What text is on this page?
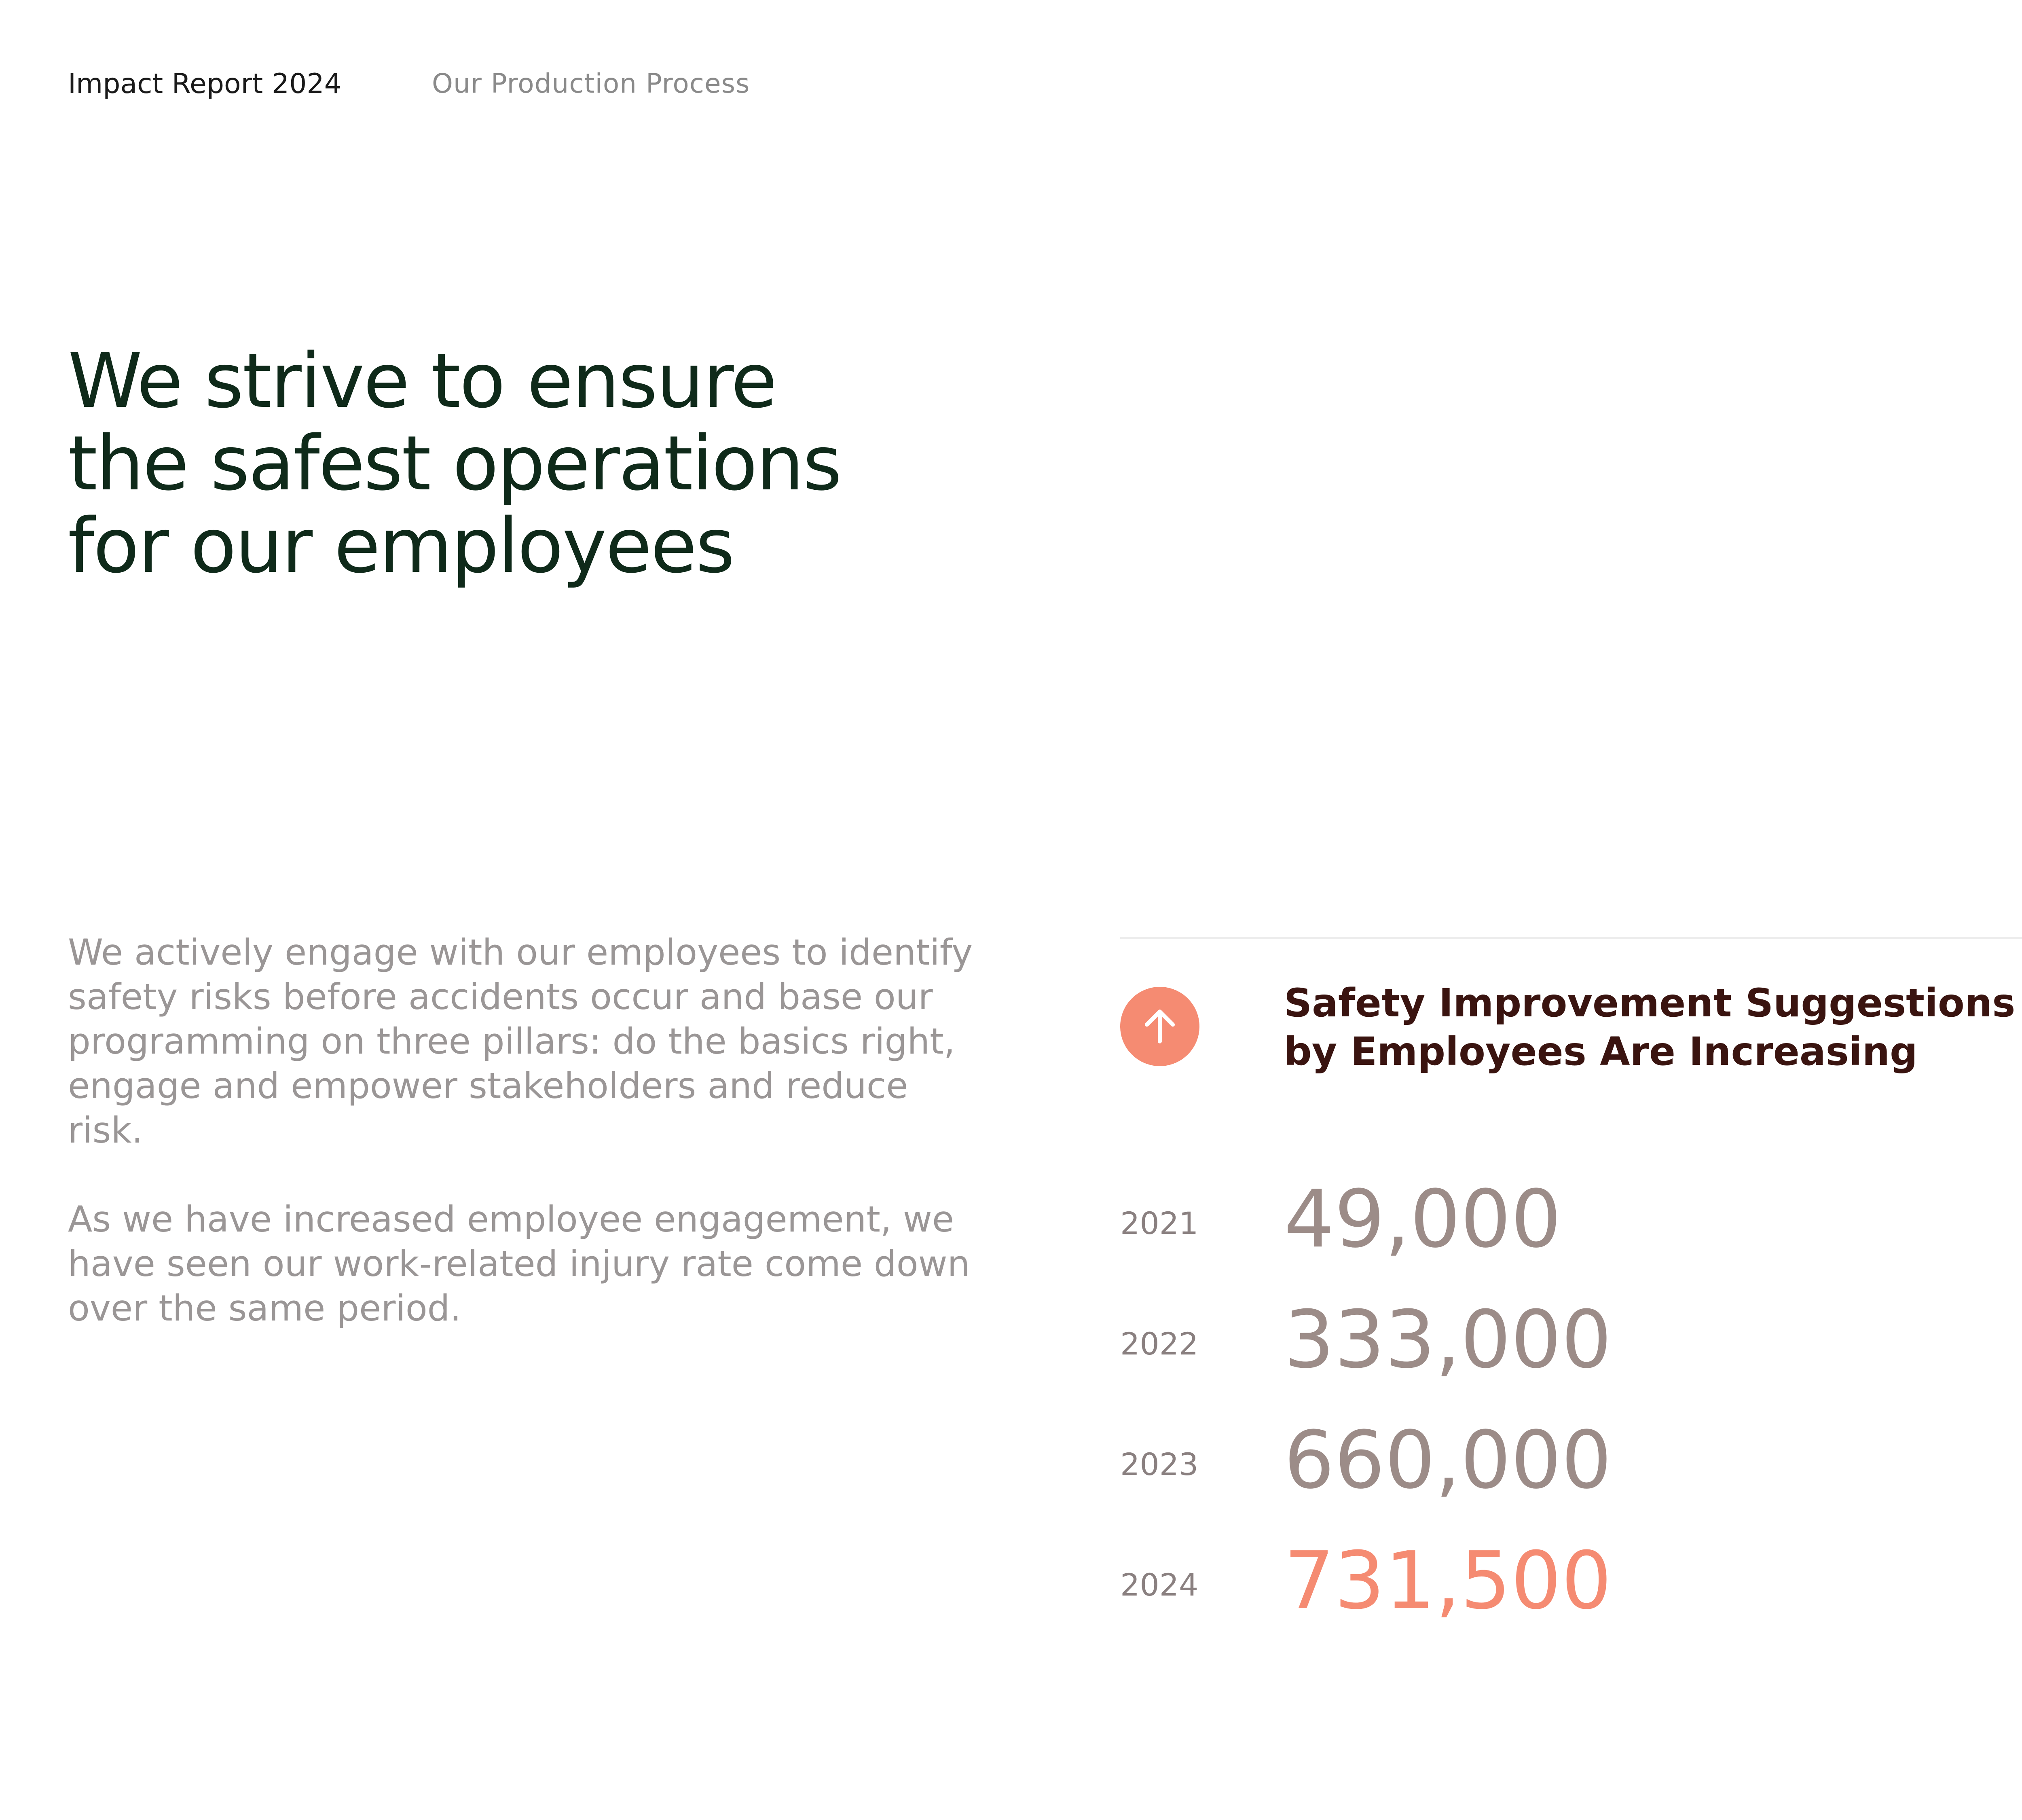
Impact Report 2024	Our Production Process
We strive to ensure
the safest operations
for our employees

We actively engage with our employees to identify safety risks before accidents occur and base our programming on three pillars: do the basics right, engage and empower stakeholders and reduce risk.

As we have increased employee engagement, we have seen our work-related injury rate come down over the same period.

Safety Improvement Suggestions
by Employees Are Increasing
2021 49,000
2022 333,000
2023 660,000
2024 731,500
